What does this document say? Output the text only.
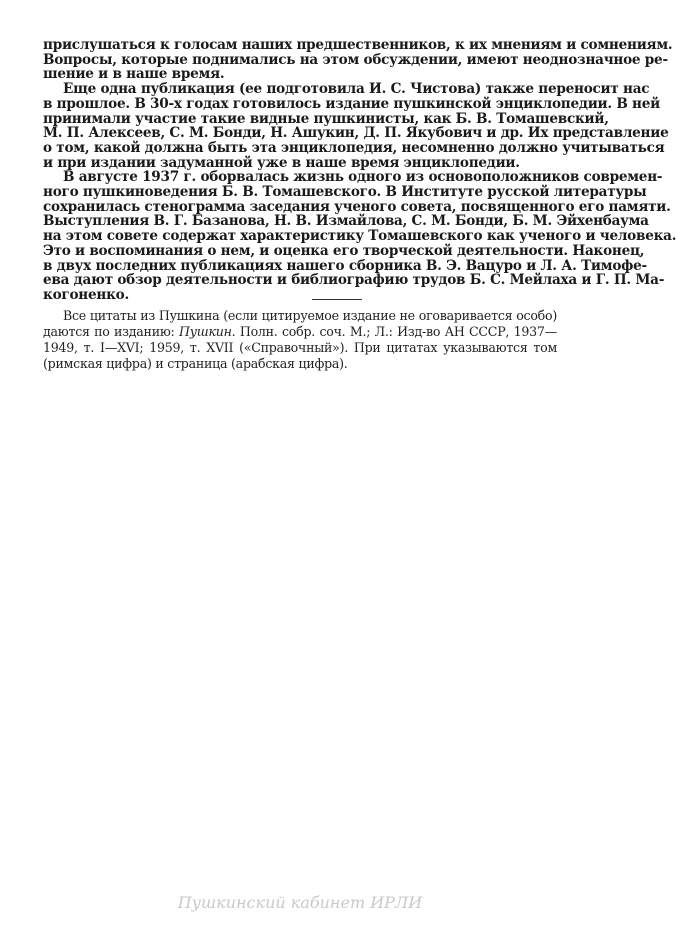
Все цитаты из Пушкина (если цитируемое издание не оговаривается особо)
даются по изданию: Пушкин. Полн. собр. соч. М.; Л.: Изд-во АН СССР, 1937—
1949, т. I—XVI; 1959, т. XVII («Справочный»). При цитатах указываются том
(римская цифра) и страница (арабская цифра).
Пушкинский кабинет ИРЛИ
прислушаться к голосам наших предшественников, к их мнениям и сомнениям.
Вопросы, которые поднимались на этом обсуждении, имеют неоднозначное ре-
шение и в наше время.
Еще одна публикация (ее подготовила И. С. Чистова) также переносит нас
в прошлое. В 30-х годах готовилось издание пушкинской энциклопедии. В ней
принимали участие такие видные пушкинисты, как Б. В. Томашевский,
М. П. Алексеев, С. М. Бонди, Н. Ашукин, Д. П. Якубович и др. Их представление
о том, какой должна быть эта энциклопедия, несомненно должно учитываться
и при издании задуманной уже в наше время энциклопедии.
В августе 1937 г. оборвалась жизнь одного из основоположников современ-
ного пушкиноведения Б. В. Томашевского. В Институте русской литературы
сохранилась стенограмма заседания ученого совета, посвященного его памяти.
Выступления В. Г. Базанова, Н. В. Измайлова, С. М. Бонди, Б. М. Эйхенбаума
на этом совете содержат характеристику Томашевского как ученого и человека.
Это и воспоминания о нем, и оценка его творческой деятельности. Наконец,
в двух последних публикациях нашего сборника В. Э. Вацуро и Л. А. Тимофе-
ева дают обзор деятельности и библиографию трудов Б. С. Мейлаха и Г. П. Ма-
когоненко.
